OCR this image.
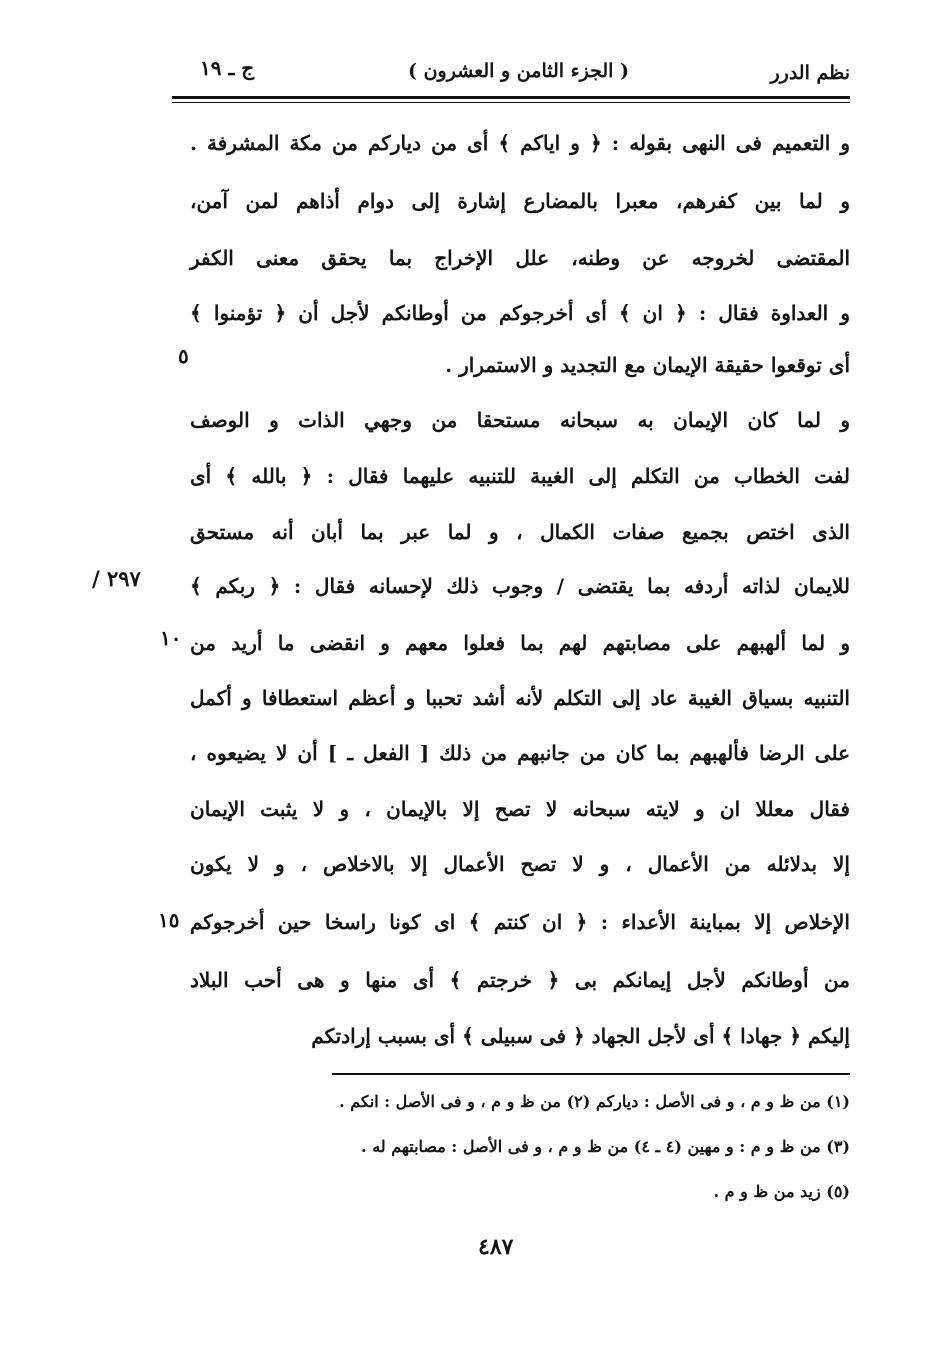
نظم الدرر
( الجزء الثامن و العشرون )
ج ـ ١٩
و التعميم فى النهى بقوله : ﴿ و اياكم ﴾ أى من دياركم من مكة المشرفة .
و لما بين كفرهم، معبرا بالمضارع إشارة إلى دوام أذاهم لمن آمن،
المقتضى لخروجه عن وطنه، علل الإخراج بما يحقق معنى الكفر
و العداوة فقال : ﴿ ان ﴾ أى أخرجوكم من أوطانكم لأجل أن ﴿ تؤمنوا ﴾
أى توقعوا حقيقة الإيمان مع التجديد و الاستمرار .
و لما كان الإيمان به سبحانه مستحقا من وجهي الذات و الوصف
لفت الخطاب من التكلم إلى الغيبة للتنبيه عليهما فقال : ﴿ بالله ﴾ أى
الذى اختص بجميع صفات الكمال ، و لما عبر بما أبان أنه مستحق
للايمان لذاته أردفه بما يقتضى / وجوب ذلك لإحسانه فقال : ﴿ ربكم ﴾
و لما ألهبهم على مصابتهم لهم بما فعلوا معهم و انقضى ما أريد من
التنبيه بسياق الغيبة عاد إلى التكلم لأنه أشد تحببا و أعظم استعطافا و أكمل
على الرضا فألهبهم بما كان من جانبهم من ذلك [ الفعل ـ ] أن لا يضيعوه ،
فقال معللا ان و لايته سبحانه لا تصح إلا بالإيمان ، و لا يثبت الإيمان
إلا بدلائله من الأعمال ، و لا تصح الأعمال إلا بالاخلاص ، و لا يكون
الإخلاص إلا بمباينة الأعداء : ﴿ ان كنتم ﴾ اى كونا راسخا حين أخرجوكم
من أوطانكم لأجل إيمانكم بى ﴿ خرجتم ﴾ أى منها و هى أحب البلاد
إليكم ﴿ جهادا ﴾ أى لأجل الجهاد ﴿ فى سبيلى ﴾ أى بسبب إرادتكم
٥
١٠
١٥
٢٩٧ /
(١) من ظ و م ، و فى الأصل : دياركم (٢) من ظ و م ، و فى الأصل : انكم .
(٣) من ظ و م : و مهين (٤ ـ ٤) من ظ و م ، و فى الأصل : مصابتهم له .
(٥) زيد من ظ و م .
٤٨٧
